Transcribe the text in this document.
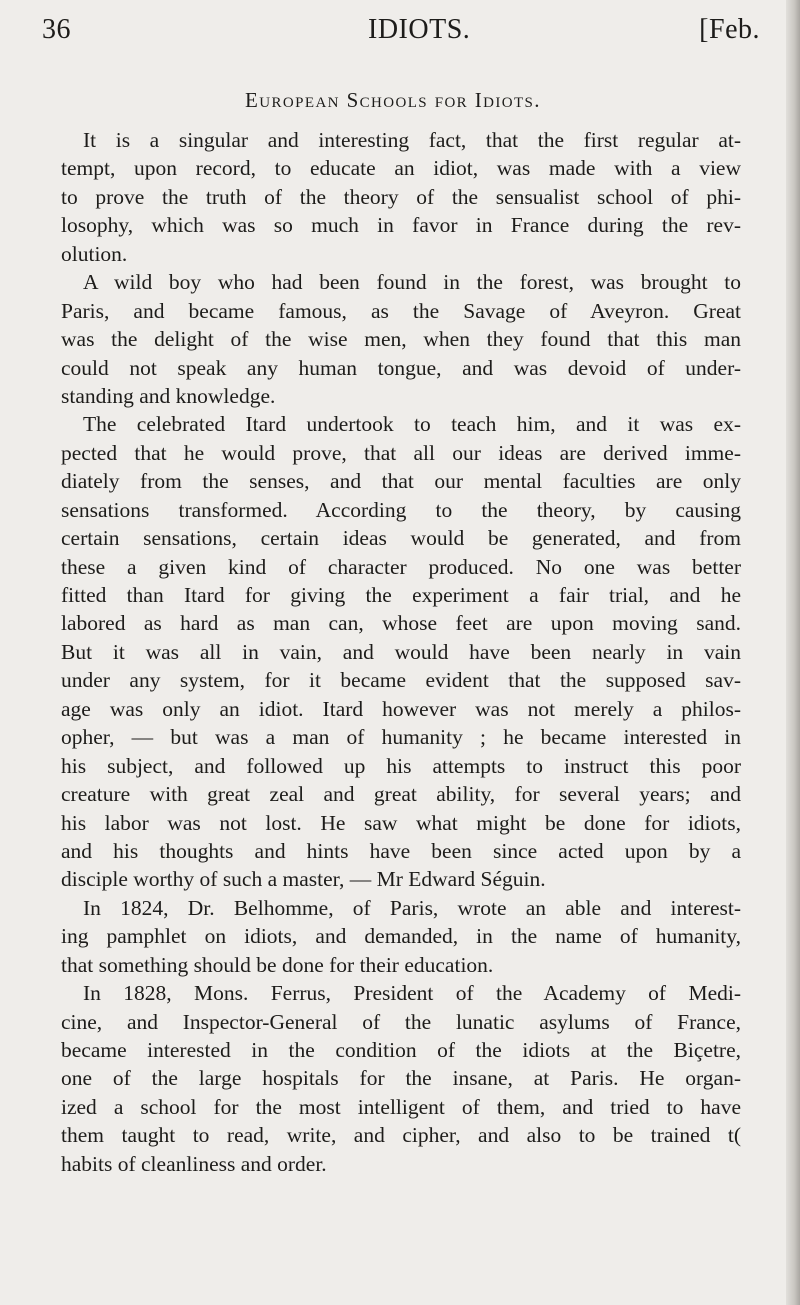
36	IDIOTS.	[Feb.
European Schools for Idiots.
It is a singular and interesting fact, that the first regular at-
tempt, upon record, to educate an idiot, was made with a view
to prove the truth of the theory of the sensualist school of phi-
losophy, which was so much in favor in France during the rev-
olution.
A wild boy who had been found in the forest, was brought to
Paris, and became famous, as the Savage of Aveyron. Great
was the delight of the wise men, when they found that this man
could not speak any human tongue, and was devoid of under-
standing and knowledge.
The celebrated Itard undertook to teach him, and it was ex-
pected that he would prove, that all our ideas are derived imme-
diately from the senses, and that our mental faculties are only
sensations transformed. According to the theory, by causing
certain sensations, certain ideas would be generated, and from
these a given kind of character produced. No one was better
fitted than Itard for giving the experiment a fair trial, and he
labored as hard as man can, whose feet are upon moving sand.
But it was all in vain, and would have been nearly in vain
under any system, for it became evident that the supposed sav-
age was only an idiot. Itard however was not merely a philos-
opher, — but was a man of humanity ; he became interested in
his subject, and followed up his attempts to instruct this poor
creature with great zeal and great ability, for several years; and
his labor was not lost. He saw what might be done for idiots,
and his thoughts and hints have been since acted upon by a
disciple worthy of such a master, — Mr Edward Séguin.
In 1824, Dr. Belhomme, of Paris, wrote an able and interest-
ing pamphlet on idiots, and demanded, in the name of humanity,
that something should be done for their education.
In 1828, Mons. Ferrus, President of the Academy of Medi-
cine, and Inspector-General of the lunatic asylums of France,
became interested in the condition of the idiots at the Biçetre,
one of the large hospitals for the insane, at Paris. He organ-
ized a school for the most intelligent of them, and tried to have
them taught to read, write, and cipher, and also to be trained t(
habits of cleanliness and order.
